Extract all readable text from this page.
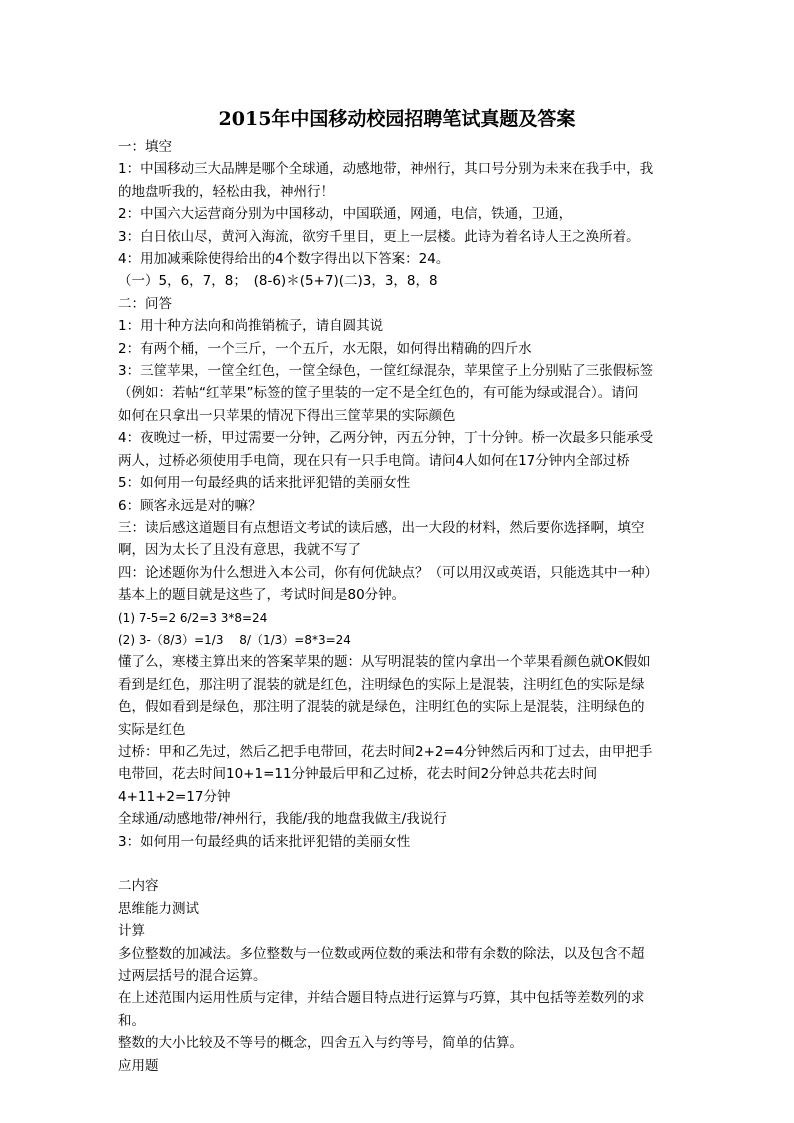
2015年中国移动校园招聘笔试真题及答案

一：填空

1：中国移动三大品牌是哪个全球通，动感地带，神州行，其口号分别为未来在我手中，我

的地盘听我的，轻松由我，神州行！

2：中国六大运营商分别为中国移动，中国联通，网通，电信，铁通，卫通，

3：白日依山尽，黄河入海流，欲穷千里目，更上一层楼。此诗为着名诗人王之涣所着。

4：用加减乘除使得给出的4个数字得出以下答案：24。

（一）5，6，7，8；　(8-6)＊(5+7)(二)3，3，8，8

二：问答

1：用十种方法向和尚推销梳子，请自圆其说

2：有两个桶，一个三斤，一个五斤，水无限，如何得出精确的四斤水

3：三筐苹果，一筐全红色，一筐全绿色，一筐红绿混杂，苹果筐子上分别贴了三张假标签

（例如：若帖“红苹果”标签的筐子里装的一定不是全红色的，有可能为绿或混合）。请问

如何在只拿出一只苹果的情况下得出三筐苹果的实际颜色

4：夜晚过一桥，甲过需要一分钟，乙两分钟，丙五分钟，丁十分钟。桥一次最多只能承受

两人，过桥必须使用手电筒，现在只有一只手电筒。请问4人如何在17分钟内全部过桥

5：如何用一句最经典的话来批评犯错的美丽女性

6：顾客永远是对的嘛？

三：读后感这道题目有点想语文考试的读后感，出一大段的材料，然后要你选择啊，填空

啊，因为太长了且没有意思，我就不写了

四：论述题你为什么想进入本公司，你有何优缺点？（可以用汉或英语，只能选其中一种）

基本上的题目就是这些了，考试时间是80分钟。

(1) 7-5=2 6/2=3 3*8=24

(2) 3-（8/3）=1/3　 8/（1/3）=8*3=24

懂了么，寒楼主算出来的答案苹果的题：从写明混装的筐内拿出一个苹果看颜色就OK假如

看到是红色，那注明了混装的就是红色，注明绿色的实际上是混装，注明红色的实际是绿

色，假如看到是绿色，那注明了混装的就是绿色，注明红色的实际上是混装，注明绿色的

实际是红色

过桥：甲和乙先过，然后乙把手电带回，花去时间2+2=4分钟然后丙和丁过去，由甲把手

电带回，花去时间10+1=11分钟最后甲和乙过桥，花去时间2分钟总共花去时间

4+11+2=17分钟

全球通/动感地带/神州行，我能/我的地盘我做主/我说行

3：如何用一句最经典的话来批评犯错的美丽女性

二内容

思维能力测试

计算

多位整数的加减法。多位整数与一位数或两位数的乘法和带有余数的除法，以及包含不超

过两层括号的混合运算。

在上述范围内运用性质与定律，并结合题目特点进行运算与巧算，其中包括等差数列的求

和。

整数的大小比较及不等号的概念，四舍五入与约等号，简单的估算。

应用题
